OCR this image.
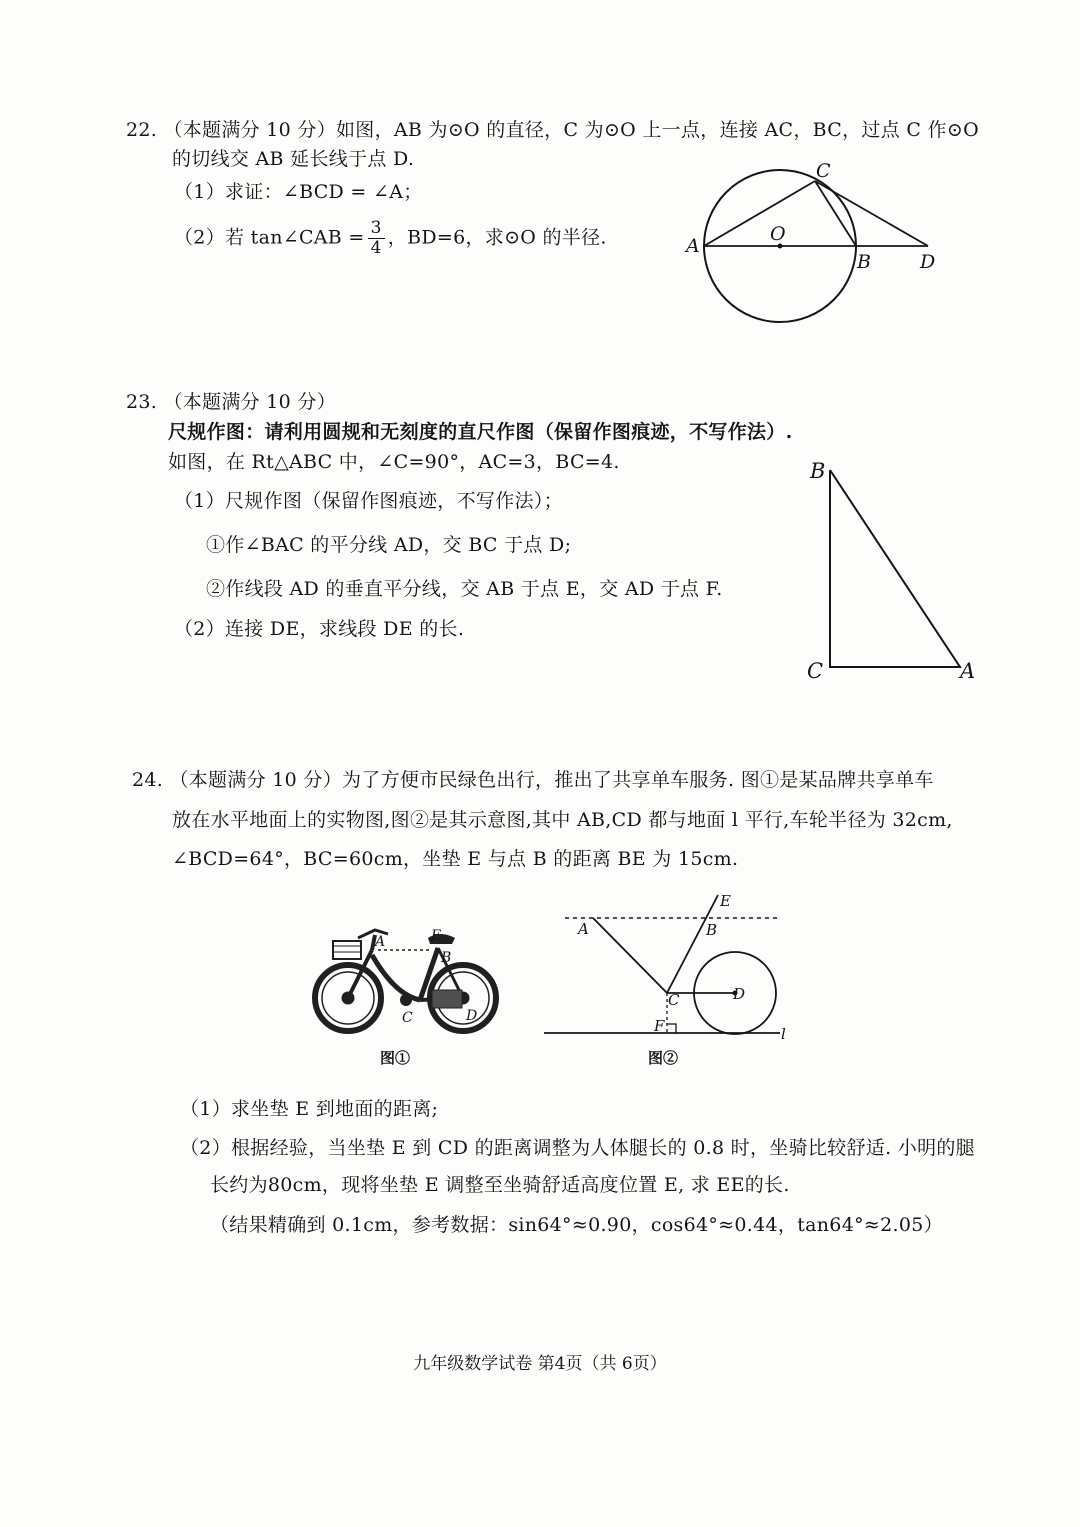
22. （本题满分 10 分）如图，AB 为⊙O 的直径，C 为⊙O 上一点，连接 AC，BC，过点 C 作⊙O
的切线交 AB 延长线于点 D.
（1）求证：∠BCD = ∠A；
（2）若 tan∠CAB = $\frac{3}{4}$ ，BD=6，求⊙O 的半径.	A
O
C
B	D
23. （本题满分 10 分）
尺规作图：请利用圆规和无刻度的直尺作图（保留作图痕迹，不写作法）.
如图，在 Rt△ABC 中，∠C=90°，AC=3，BC=4.
（1）尺规作图（保留作图痕迹，不写作法）；
①作∠BAC 的平分线 AD，交 BC 于点 D;
②作线段 AD 的垂直平分线，交 AB 于点 E，交 AD 于点 F.
（2）连接 DE，求线段 DE 的长.
B
C	A
24. （本题满分 10 分）为了方便市民绿色出行，推出了共享单车服务. 图①是某品牌共享单车
放在水平地面上的实物图,图②是其示意图,其中 AB,CD 都与地面 l 平行,车轮半径为 32cm,
∠BCD=64°，BC=60cm，坐垫 E 与点 B 的距离 BE 为 15cm.
A	E
B
C	D
图①
A	B
E
C	D
F	l
图②
（1）求坐垫 E 到地面的距离;
（2）根据经验，当坐垫 E 到 CD 的距离调整为人体腿长的 0.8 时，坐骑比较舒适. 小明的腿
长约为80cm，现将坐垫 E 调整至坐骑舒适高度位置 E, 求 EE的长.
（结果精确到 0.1cm，参考数据：sin64°≈0.90，cos64°≈0.44，tan64°≈2.05）
九年级数学试卷 第4页（共 6页）
